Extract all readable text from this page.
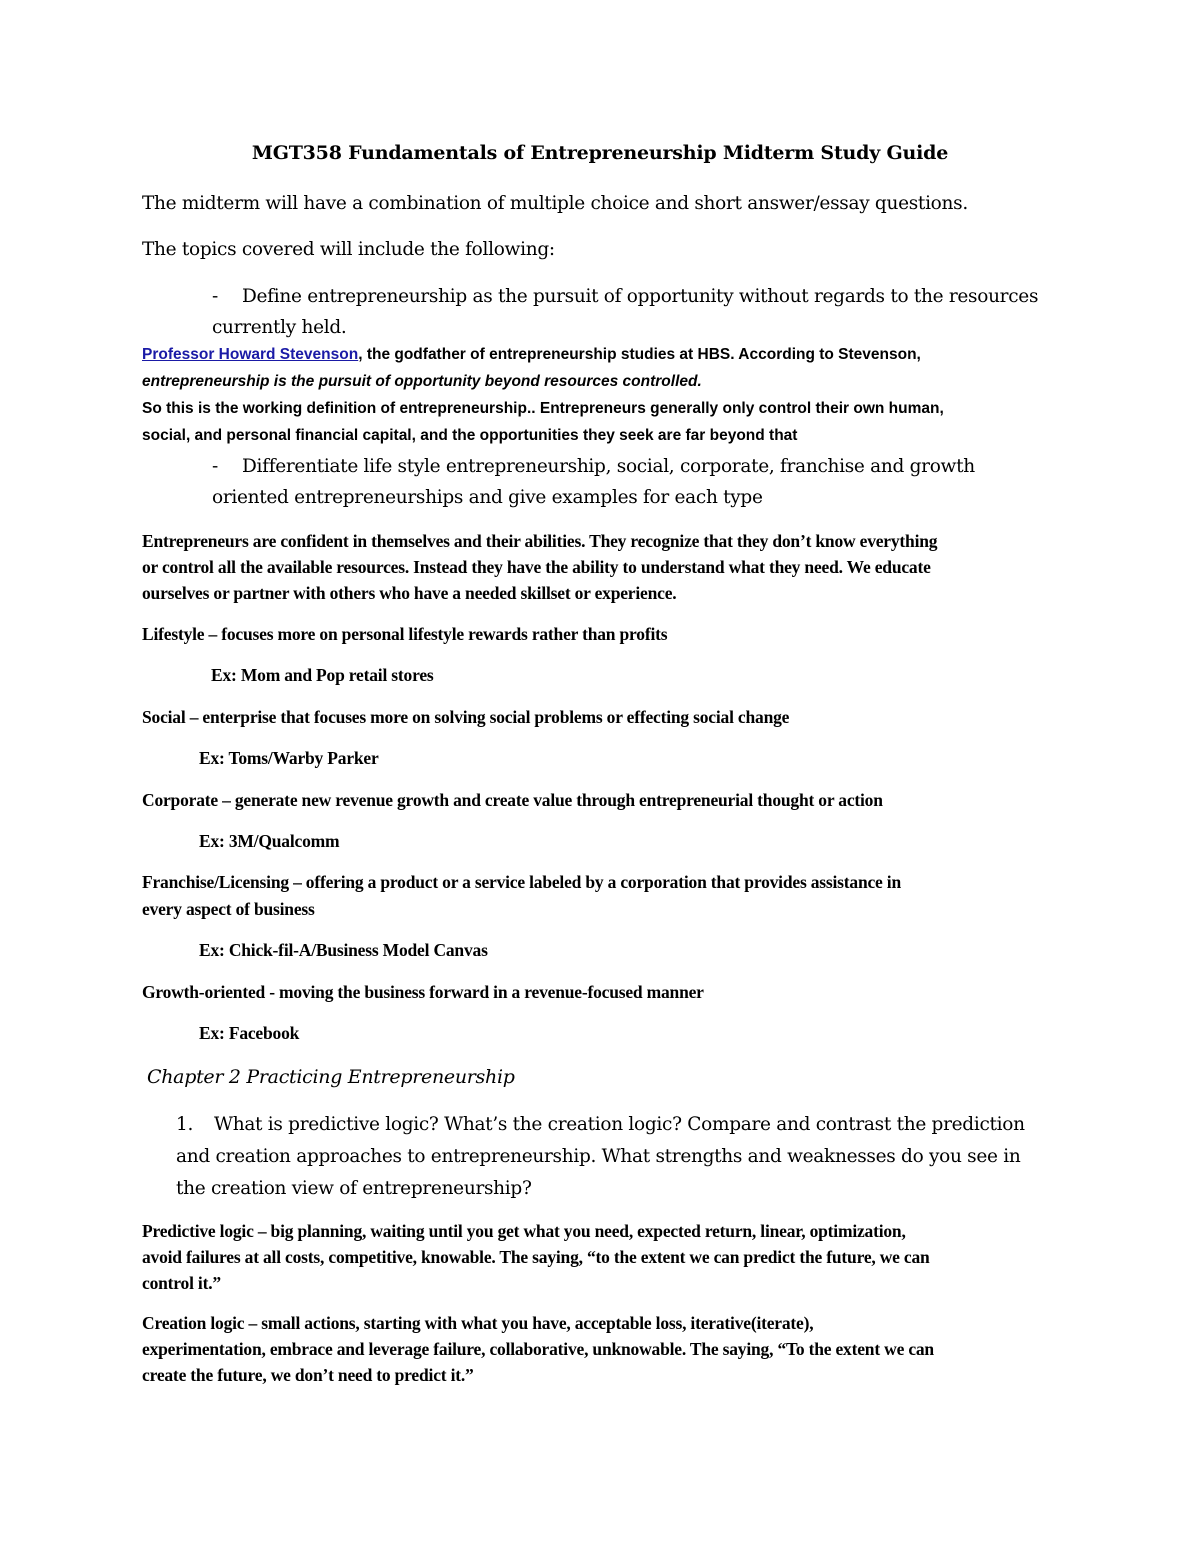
MGT358 Fundamentals of Entrepreneurship Midterm Study Guide
The midterm will have a combination of multiple choice and short answer/essay questions.
The topics covered will include the following:
- Define entrepreneurship as the pursuit of opportunity without regards to the resources
currently held.
Professor Howard Stevenson, the godfather of entrepreneurship studies at HBS. According to Stevenson,
entrepreneurship is the pursuit of opportunity beyond resources controlled.
So this is the working definition of entrepreneurship.. Entrepreneurs generally only control their own human,
social, and personal financial capital, and the opportunities they seek are far beyond that
- Differentiate life style entrepreneurship, social, corporate, franchise and growth
oriented entrepreneurships and give examples for each type
Entrepreneurs are confident in themselves and their abilities. They recognize that they don’t know everything
or control all the available resources. Instead they have the ability to understand what they need. We educate
ourselves or partner with others who have a needed skillset or experience.
Lifestyle – focuses more on personal lifestyle rewards rather than profits
Ex: Mom and Pop retail stores
Social – enterprise that focuses more on solving social problems or effecting social change
Ex: Toms/Warby Parker
Corporate – generate new revenue growth and create value through entrepreneurial thought or action
Ex: 3M/Qualcomm
Franchise/Licensing – offering a product or a service labeled by a corporation that provides assistance in
every aspect of business
Ex: Chick-fil-A/Business Model Canvas
Growth-oriented - moving the business forward in a revenue-focused manner
Ex: Facebook
Chapter 2 Practicing Entrepreneurship
1. What is predictive logic? What’s the creation logic? Compare and contrast the prediction
and creation approaches to entrepreneurship. What strengths and weaknesses do you see in
the creation view of entrepreneurship?
Predictive logic – big planning, waiting until you get what you need, expected return, linear, optimization,
avoid failures at all costs, competitive, knowable. The saying, “to the extent we can predict the future, we can
control it.”
Creation logic – small actions, starting with what you have, acceptable loss, iterative(iterate),
experimentation, embrace and leverage failure, collaborative, unknowable. The saying, “To the extent we can
create the future, we don’t need to predict it.”
